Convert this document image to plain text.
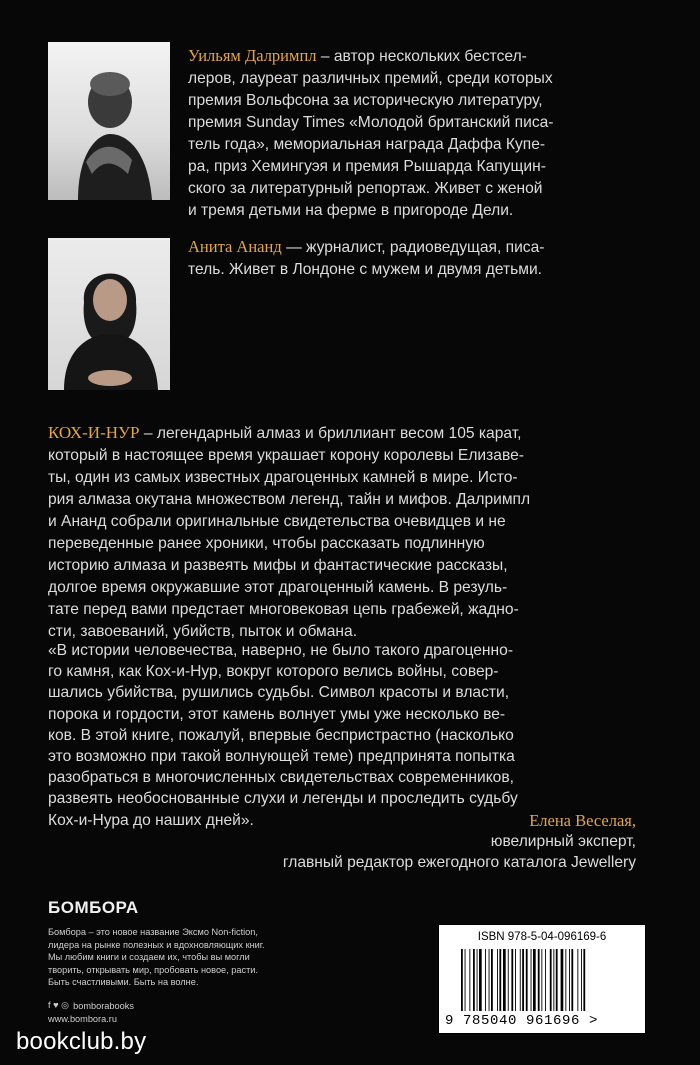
Уильям Далримпл – автор нескольких бестсел-
леров, лауреат различных премий, среди которых
премия Вольфсона за историческую литературу,
премия Sunday Times «Молодой британский писа-
тель года», мемориальная награда Даффа Купе-
ра, приз Хемингуэя и премия Рышарда Капущин-
ского за литературный репортаж. Живет с женой
и тремя детьми на ферме в пригороде Дели.
Анита Ананд — журналист, радиоведущая, писа-
тель. Живет в Лондоне с мужем и двумя детьми.
КОХ-И-НУР – легендарный алмаз и бриллиант весом 105 карат,
который в настоящее время украшает корону королевы Елизаве-
ты, один из самых известных драгоценных камней в мире. Исто-
рия алмаза окутана множеством легенд, тайн и мифов. Далримпл
и Ананд собрали оригинальные свидетельства очевидцев и не
переведенные ранее хроники, чтобы рассказать подлинную
историю алмаза и развеять мифы и фантастические рассказы,
долгое время окружавшие этот драгоценный камень. В резуль-
тате перед вами предстает многовековая цепь грабежей, жадно-
сти, завоеваний, убийств, пыток и обмана.
«В истории человечества, наверно, не было такого драгоценно-
го камня, как Кох-и-Нур, вокруг которого велись войны, совер-
шались убийства, рушились судьбы. Символ красоты и власти,
порока и гордости, этот камень волнует умы уже несколько ве-
ков. В этой книге, пожалуй, впервые беспристрастно (насколько
это возможно при такой волнующей теме) предпринята попытка
разобраться в многочисленных свидетельствах современников,
развеять необоснованные слухи и легенды и проследить судьбу
Кох-и-Нура до наших дней».	Елена Веселая,
ювелирный эксперт,
главный редактор ежегодного каталога Jewellery
БОМБОРА
Бомбора – это новое название Эксмо Non-fiction,
лидера на рынке полезных и вдохновляющих книг.
Мы любим книги и создаем их, чтобы вы могли
творить, открывать мир, пробовать новое, расти.
Быть счастливыми. Быть на волне.
f ♥ ◎ bomborabooks
www.bombora.ru
ISBN 978-5-04-096169-6
9 785040 961696 >
bookclub.by
